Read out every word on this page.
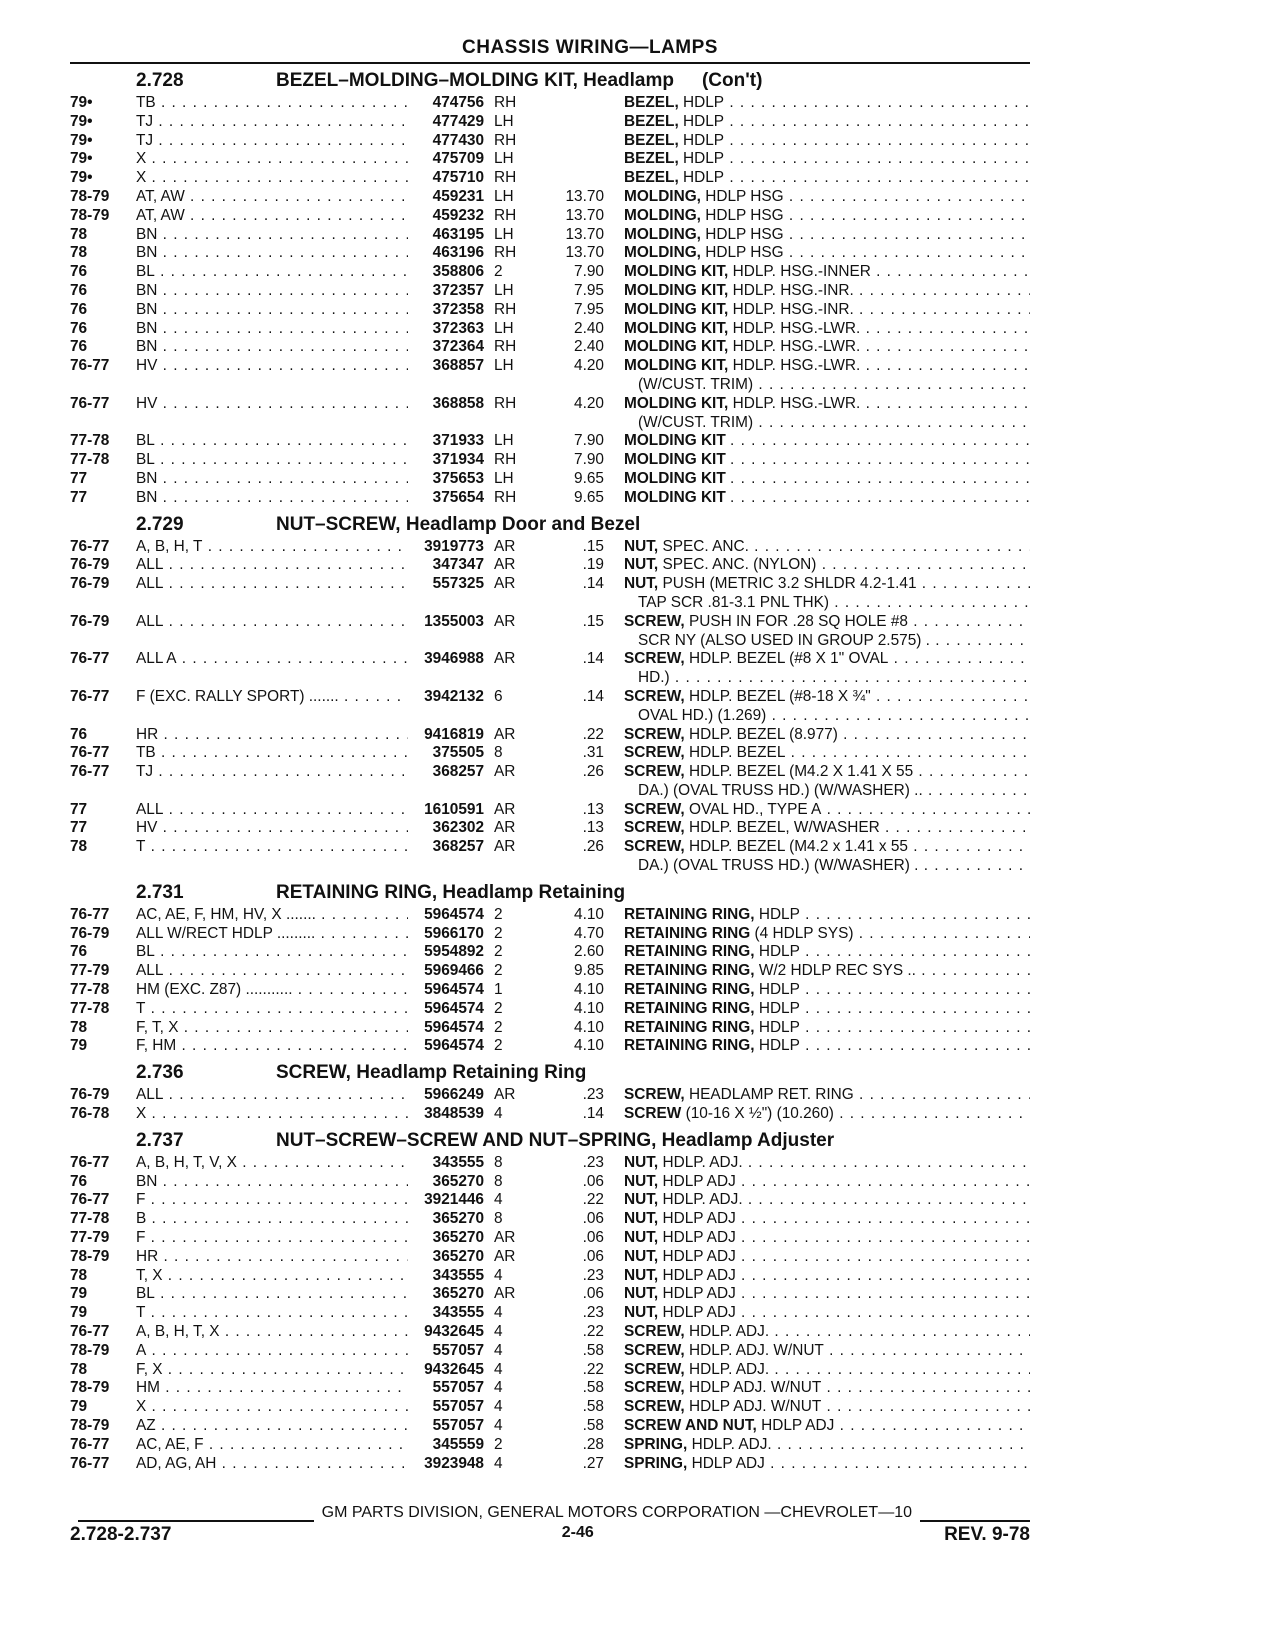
CHASSIS WIRING—LAMPS
2.728	BEZEL–MOLDING–MOLDING KIT, Headlamp (Con't)
79•	TB . . .	474756 RH	BEZEL, HDLP . . .
79•	TJ . . .	477429 LH	BEZEL, HDLP . . .
79•	TJ . . .	477430 RH	BEZEL, HDLP . . .
79•	X . . .	475709 LH	BEZEL, HDLP . . .
79•	X . . .	475710 RH	BEZEL, HDLP . . .
78-79	AT, AW . . .	459231 LH	13.70	MOLDING, HDLP HSG . . .
78-79	AT, AW . . .	459232 RH	13.70	MOLDING, HDLP HSG . . .
78	BN . . .	463195 LH	13.70	MOLDING, HDLP HSG . . .
78	BN . . .	463196 RH	13.70	MOLDING, HDLP HSG . . .
76	BL . . .	358806 2	7.90	MOLDING KIT, HDLP. HSG.-INNER . . .
76	BN . . .	372357 LH	7.95	MOLDING KIT, HDLP. HSG.-INR. . . .
76	BN . . .	372358 RH	7.95	MOLDING KIT, HDLP. HSG.-INR. . . .
76	BN . . .	372363 LH	2.40	MOLDING KIT, HDLP. HSG.-LWR. . . .
76	BN . . .	372364 RH	2.40	MOLDING KIT, HDLP. HSG.-LWR. . . .
76-77	HV . . .	368857 LH	4.20	MOLDING KIT, HDLP. HSG.-LWR. . . .
(W/CUST. TRIM) . . .
76-77	HV . . .	368858 RH	4.20	MOLDING KIT, HDLP. HSG.-LWR. . . .
(W/CUST. TRIM) . . .
77-78	BL . . .	371933 LH	7.90	MOLDING KIT . . .
77-78	BL . . .	371934 RH	7.90	MOLDING KIT . . .
77	BN . . .	375653 LH	9.65	MOLDING KIT . . .
77	BN . . .	375654 RH	9.65	MOLDING KIT . . .
2.729	NUT–SCREW, Headlamp Door and Bezel
76-77	A, B, H, T . . .	3919773 AR	.15	NUT, SPEC. ANC. . . .
76-79	ALL . . .	347347 AR	.19	NUT, SPEC. ANC. (NYLON) . . .
76-79	ALL . . .	557325 AR	.14	NUT, PUSH (METRIC 3.2 SHLDR 4.2-1.41 . . .
TAP SCR .81-3.1 PNL THK) . . .
76-79	ALL . . .	1355003 AR	.15	SCREW, PUSH IN FOR .28 SQ HOLE #8 . . .
SCR NY (ALSO USED IN GROUP 2.575) . . . .
76-77	ALL A . . .	3946988 AR	.14	SCREW, HDLP. BEZEL (#8 X 1" OVAL . . .
HD.) . . .
76-77	F (EXC. RALLY SPORT) ....... . . .	3942132 6	.14	SCREW, HDLP. BEZEL (#8-18 X ¾" . . .
OVAL HD.) (1.269) . . .
76	HR . . .	9416819 AR	.22	SCREW, HDLP. BEZEL (8.977) . . .
76-77	TB . . .	375505 8	.31	SCREW, HDLP. BEZEL . . .
76-77	TJ . . .	368257 AR	.26	SCREW, HDLP. BEZEL (M4.2 X 1.41 X 55 . . .
DA.) (OVAL TRUSS HD.) (W/WASHER) .. . . .
77	ALL . . .	1610591 AR	.13	SCREW, OVAL HD., TYPE A . . .
77	HV . . .	362302 AR	.13	SCREW, HDLP. BEZEL, W/WASHER . . .
78	T . . .	368257 AR	.26	SCREW, HDLP. BEZEL (M4.2 x 1.41 x 55 . . .
DA.) (OVAL TRUSS HD.) (W/WASHER) . . . .
2.731	RETAINING RING, Headlamp Retaining
76-77	AC, AE, F, HM, HV, X ....... . . .	5964574 2	4.10	RETAINING RING, HDLP . . .
76-79	ALL W/RECT HDLP ......... . . .	5966170 2	4.70	RETAINING RING (4 HDLP SYS) . . .
76	BL . . .	5954892 2	2.60	RETAINING RING, HDLP . . .
77-79	ALL . . .	5969466 2	9.85	RETAINING RING, W/2 HDLP REC SYS .. . . .
77-78	HM (EXC. Z87) ........... . . .	5964574 1	4.10	RETAINING RING, HDLP . . .
77-78	T . . .	5964574 2	4.10	RETAINING RING, HDLP . . .
78	F, T, X . . .	5964574 2	4.10	RETAINING RING, HDLP . . .
79	F, HM . . .	5964574 2	4.10	RETAINING RING, HDLP . . .
2.736	SCREW, Headlamp Retaining Ring
76-79	ALL . . .	5966249 AR	.23	SCREW, HEADLAMP RET. RING . . .
76-78	X . . .	3848539 4	.14	SCREW (10-16 X ½") (10.260) . . .
2.737	NUT–SCREW–SCREW AND NUT–SPRING, Headlamp Adjuster
76-77	A, B, H, T, V, X . . .	343555 8	.23	NUT, HDLP. ADJ. . . .
76	BN . . .	365270 8	.06	NUT, HDLP ADJ . . .
76-77	F . . .	3921446 4	.22	NUT, HDLP. ADJ. . . .
77-78	B . . .	365270 8	.06	NUT, HDLP ADJ . . .
77-79	F . . .	365270 AR	.06	NUT, HDLP ADJ . . .
78-79	HR . . .	365270 AR	.06	NUT, HDLP ADJ . . .
78	T, X . . .	343555 4	.23	NUT, HDLP ADJ . . .
79	BL . . .	365270 AR	.06	NUT, HDLP ADJ . . .
79	T . . .	343555 4	.23	NUT, HDLP ADJ . . .
76-77	A, B, H, T, X . . .	9432645 4	.22	SCREW, HDLP. ADJ. . . .
78-79	A . . .	557057 4	.58	SCREW, HDLP. ADJ. W/NUT . . .
78	F, X . . .	9432645 4	.22	SCREW, HDLP. ADJ. . . .
78-79	HM . . .	557057 4	.58	SCREW, HDLP ADJ. W/NUT . . .
79	X . . .	557057 4	.58	SCREW, HDLP ADJ. W/NUT . . .
78-79	AZ . . .	557057 4	.58	SCREW AND NUT, HDLP ADJ . . .
76-77	AC, AE, F . . .	345559 2	.28	SPRING, HDLP. ADJ. . . .
76-77	AD, AG, AH . . .	3923948 4	.27	SPRING, HDLP ADJ . . .
GM PARTS DIVISION, GENERAL MOTORS CORPORATION —CHEVROLET—10
2.728-2.737	2-46	REV. 9-78
